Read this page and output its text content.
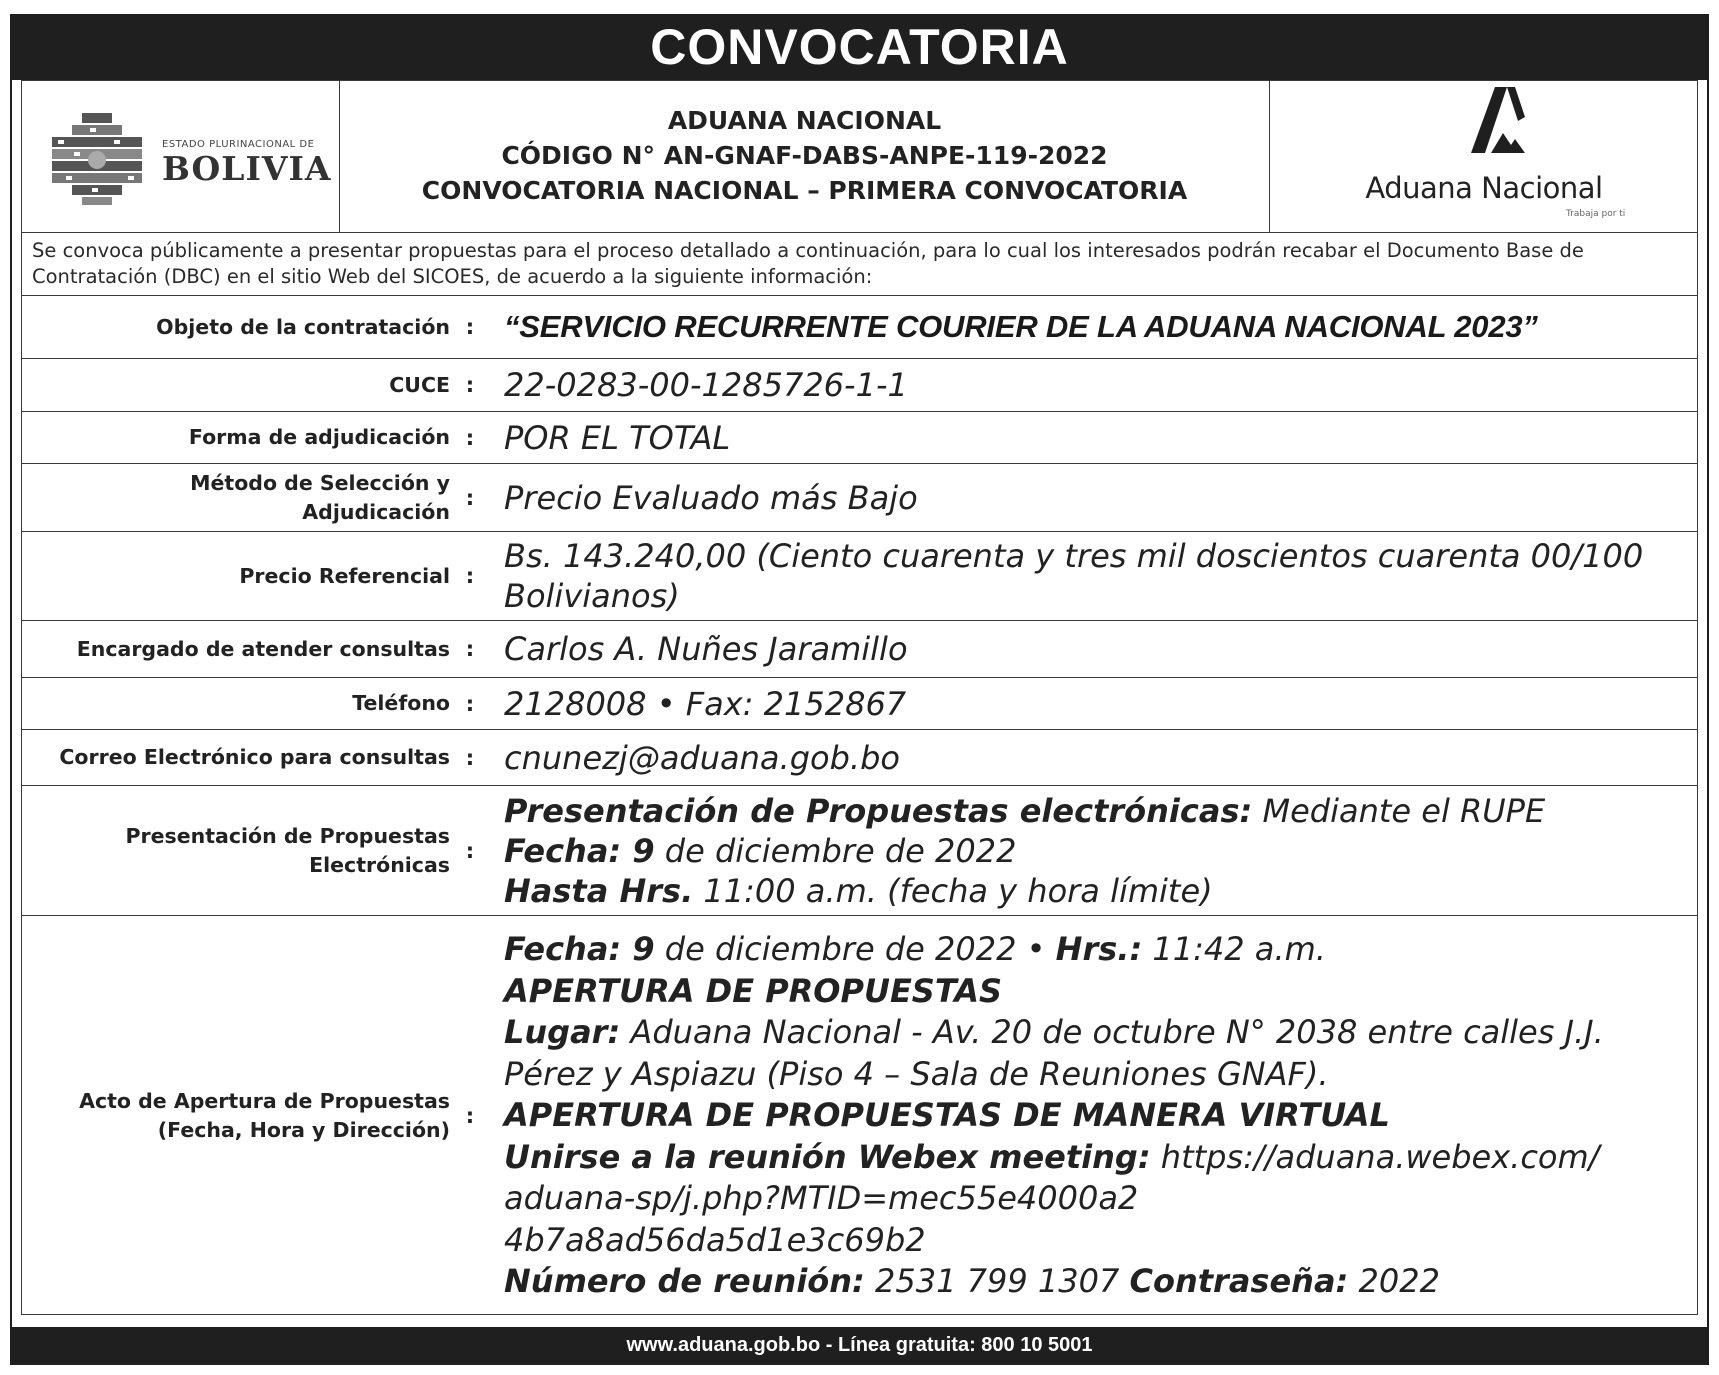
CONVOCATORIA
ESTADO PLURINACIONAL DE
BOLIVIA
ADUANA NACIONAL
CÓDIGO N° AN-GNAF-DABS-ANPE-119-2022
CONVOCATORIA NACIONAL – PRIMERA CONVOCATORIA	Aduana Nacional
Trabaja por ti
Se convoca públicamente a presentar propuestas para el proceso detallado a continuación, para lo cual los interesados podrán recabar el Documento Base de Contratación (DBC) en el sitio Web del SICOES, de acuerdo a la siguiente información:
Objeto de la contratación : “SERVICIO RECURRENTE COURIER DE LA ADUANA NACIONAL 2023”
CUCE : 22-0283-00-1285726-1-1
Forma de adjudicación : POR EL TOTAL
Método de Selección y
Adjudicación
: Precio Evaluado más Bajo
Precio Referencial :
Bs. 143.240,00 (Ciento cuarenta y tres mil doscientos cuarenta 00/100 Bolivianos)
Encargado de atender consultas : Carlos A. Nuñes Jaramillo
Teléfono : 2128008 • Fax: 2152867
Correo Electrónico para consultas : cnunezj@aduana.gob.bo
Presentación de Propuestas
Electrónicas
:
Presentación de Propuestas electrónicas: Mediante el RUPE
Fecha: 9 de diciembre de 2022
Hasta Hrs. 11:00 a.m. (fecha y hora límite)
Acto de Apertura de Propuestas
(Fecha, Hora y Dirección)
:
Fecha: 9 de diciembre de 2022 • Hrs.: 11:42 a.m.
APERTURA DE PROPUESTAS
Lugar: Aduana Nacional - Av. 20 de octubre N° 2038 entre calles J.J. Pérez y Aspiazu (Piso 4 – Sala de Reuniones GNAF).
APERTURA DE PROPUESTAS DE MANERA VIRTUAL
Unirse a la reunión Webex meeting: https://aduana.webex.com/
aduana-sp/j.php?MTID=mec55e4000a2
4b7a8ad56da5d1e3c69b2
Número de reunión: 2531 799 1307 Contraseña: 2022
www.aduana.gob.bo - Línea gratuita: 800 10 5001
